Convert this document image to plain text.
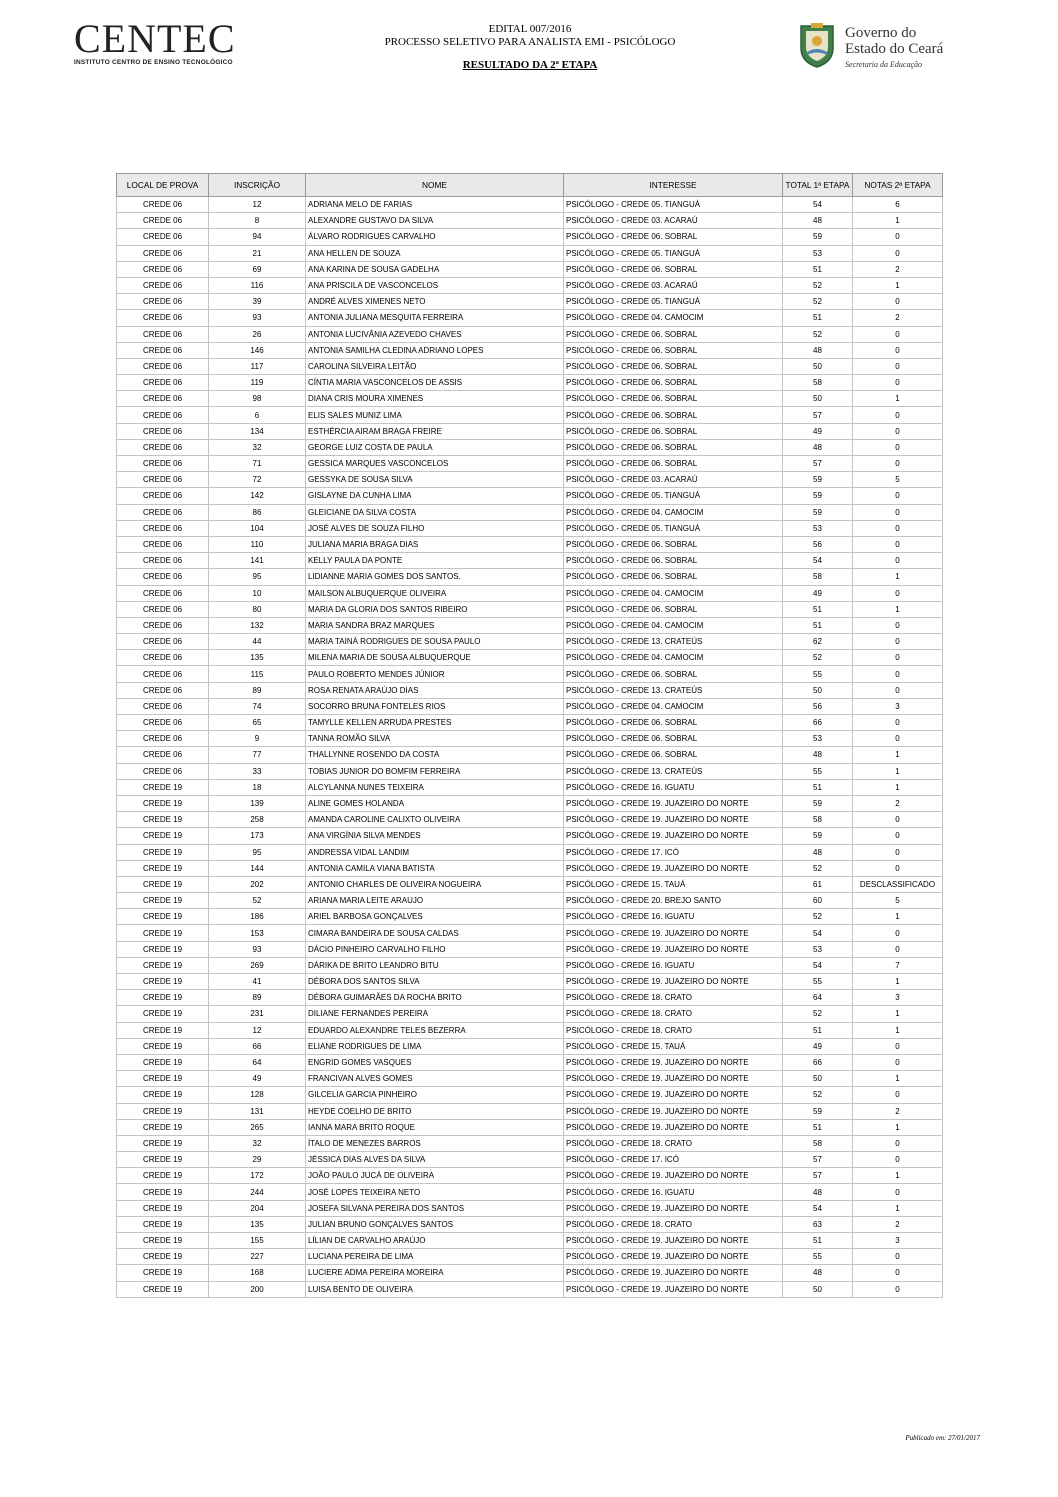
CENTEC
INSTITUTO CENTRO DE ENSINO TECNOLÓGICO
EDITAL 007/2016
PROCESSO SELETIVO PARA ANALISTA EMI - PSICÓLOGO
RESULTADO DA 2ª ETAPA
Governo do
Estado do Ceará
Secretaria da Educação
LOCAL DE PROVA	INSCRIÇÃO	NOME	INTERESSE	TOTAL 1ª ETAPA	NOTAS 2ª ETAPA
CREDE 06	12	ADRIANA MELO DE FARIAS	PSICÓLOGO - CREDE 05. TIANGUÁ	54	6
CREDE 06	8	ALEXANDRE GUSTAVO DA SILVA	PSICÓLOGO - CREDE 03. ACARAÚ	48	1
CREDE 06	94	ÁLVARO RODRIGUES CARVALHO	PSICÓLOGO - CREDE 06. SOBRAL	59	0
CREDE 06	21	ANA HELLEN DE SOUZA	PSICÓLOGO - CREDE 05. TIANGUÁ	53	0
CREDE 06	69	ANA KARINA DE SOUSA GADELHA	PSICÓLOGO - CREDE 06. SOBRAL	51	2
CREDE 06	116	ANA PRISCILA DE VASCONCELOS	PSICÓLOGO - CREDE 03. ACARAÚ	52	1
CREDE 06	39	ANDRÉ ALVES XIMENES NETO	PSICÓLOGO - CREDE 05. TIANGUÁ	52	0
CREDE 06	93	ANTONIA JULIANA MESQUITA FERREIRA	PSICÓLOGO - CREDE 04. CAMOCIM	51	2
CREDE 06	26	ANTONIA LUCIVÂNIA AZEVEDO CHAVES	PSICÓLOGO - CREDE 06. SOBRAL	52	0
CREDE 06	146	ANTONIA SAMILHA CLEDINA ADRIANO LOPES	PSICÓLOGO - CREDE 06. SOBRAL	48	0
CREDE 06	117	CAROLINA SILVEIRA LEITÃO	PSICÓLOGO - CREDE 06. SOBRAL	50	0
CREDE 06	119	CÍNTIA MARIA VASCONCELOS DE ASSIS	PSICÓLOGO - CREDE 06. SOBRAL	58	0
CREDE 06	98	DIANA CRIS MOURA XIMENES	PSICÓLOGO - CREDE 06. SOBRAL	50	1
CREDE 06	6	ELIS SALES MUNIZ LIMA	PSICÓLOGO - CREDE 06. SOBRAL	57	0
CREDE 06	134	ESTHÉRCIA AIRAM BRAGA FREIRE	PSICÓLOGO - CREDE 06. SOBRAL	49	0
CREDE 06	32	GEORGE LUIZ COSTA DE PAULA	PSICÓLOGO - CREDE 06. SOBRAL	48	0
CREDE 06	71	GESSICA MARQUES VASCONCELOS	PSICÓLOGO - CREDE 06. SOBRAL	57	0
CREDE 06	72	GESSYKA DE SOUSA SILVA	PSICÓLOGO - CREDE 03. ACARAÚ	59	5
CREDE 06	142	GISLAYNE DA CUNHA LIMA	PSICÓLOGO - CREDE 05. TIANGUÁ	59	0
CREDE 06	86	GLEICIANE DA SILVA COSTA	PSICÓLOGO - CREDE 04. CAMOCIM	59	0
CREDE 06	104	JOSÉ ALVES DE SOUZA FILHO	PSICÓLOGO - CREDE 05. TIANGUÁ	53	0
CREDE 06	110	JULIANA MARIA BRAGA DIAS	PSICÓLOGO - CREDE 06. SOBRAL	56	0
CREDE 06	141	KELLY PAULA DA PONTE	PSICÓLOGO - CREDE 06. SOBRAL	54	0
CREDE 06	95	LIDIANNE MARIA GOMES DOS SANTOS.	PSICÓLOGO - CREDE 06. SOBRAL	58	1
CREDE 06	10	MAILSON ALBUQUERQUE OLIVEIRA	PSICÓLOGO - CREDE 04. CAMOCIM	49	0
CREDE 06	80	MARIA DA GLORIA DOS SANTOS RIBEIRO	PSICÓLOGO - CREDE 06. SOBRAL	51	1
CREDE 06	132	MARIA SANDRA BRAZ MARQUES	PSICÓLOGO - CREDE 04. CAMOCIM	51	0
CREDE 06	44	MARIA TAINÁ RODRIGUES DE SOUSA PAULO	PSICÓLOGO - CREDE 13. CRATEÚS	62	0
CREDE 06	135	MILENA MARIA DE SOUSA ALBUQUERQUE	PSICÓLOGO - CREDE 04. CAMOCIM	52	0
CREDE 06	115	PAULO ROBERTO MENDES JÚNIOR	PSICÓLOGO - CREDE 06. SOBRAL	55	0
CREDE 06	89	ROSA RENATA ARAÚJO DIAS	PSICÓLOGO - CREDE 13. CRATEÚS	50	0
CREDE 06	74	SOCORRO BRUNA FONTELES RIOS	PSICÓLOGO - CREDE 04. CAMOCIM	56	3
CREDE 06	65	TAMYLLE KELLEN ARRUDA PRESTES	PSICÓLOGO - CREDE 06. SOBRAL	66	0
CREDE 06	9	TANNA ROMÃO SILVA	PSICÓLOGO - CREDE 06. SOBRAL	53	0
CREDE 06	77	THALLYNNE ROSENDO DA COSTA	PSICÓLOGO - CREDE 06. SOBRAL	48	1
CREDE 06	33	TOBIAS JUNIOR DO BOMFIM FERREIRA	PSICÓLOGO - CREDE 13. CRATEÚS	55	1
CREDE 19	18	ALCYLANNA NUNES TEIXEIRA	PSICÓLOGO - CREDE 16. IGUATU	51	1
CREDE 19	139	ALINE GOMES HOLANDA	PSICÓLOGO - CREDE 19. JUAZEIRO DO NORTE	59	2
CREDE 19	258	AMANDA CAROLINE CALIXTO OLIVEIRA	PSICÓLOGO - CREDE 19. JUAZEIRO DO NORTE	58	0
CREDE 19	173	ANA VIRGÍNIA SILVA MENDES	PSICÓLOGO - CREDE 19. JUAZEIRO DO NORTE	59	0
CREDE 19	95	ANDRESSA VIDAL LANDIM	PSICÓLOGO - CREDE 17. ICÓ	48	0
CREDE 19	144	ANTONIA CAMILA VIANA BATISTA	PSICÓLOGO - CREDE 19. JUAZEIRO DO NORTE	52	0
CREDE 19	202	ANTONIO CHARLES DE OLIVEIRA NOGUEIRA	PSICÓLOGO - CREDE 15. TAUÁ	61	DESCLASSIFICADO
CREDE 19	52	ARIANA MARIA LEITE ARAUJO	PSICÓLOGO - CREDE 20. BREJO SANTO	60	5
CREDE 19	186	ARIEL BARBOSA GONÇALVES	PSICÓLOGO - CREDE 16. IGUATU	52	1
CREDE 19	153	CIMARA BANDEIRA DE SOUSA CALDAS	PSICÓLOGO - CREDE 19. JUAZEIRO DO NORTE	54	0
CREDE 19	93	DÁCIO PINHEIRO CARVALHO FILHO	PSICÓLOGO - CREDE 19. JUAZEIRO DO NORTE	53	0
CREDE 19	269	DÁRIKA DE BRITO LEANDRO BITU	PSICÓLOGO - CREDE 16. IGUATU	54	7
CREDE 19	41	DÉBORA DOS SANTOS SILVA	PSICÓLOGO - CREDE 19. JUAZEIRO DO NORTE	55	1
CREDE 19	89	DÉBORA GUIMARÃES DA ROCHA BRITO	PSICÓLOGO - CREDE 18. CRATO	64	3
CREDE 19	231	DILIANE FERNANDES PEREIRA	PSICÓLOGO - CREDE 18. CRATO	52	1
CREDE 19	12	EDUARDO ALEXANDRE TELES BEZERRA	PSICÓLOGO - CREDE 18. CRATO	51	1
CREDE 19	66	ELIANE RODRIGUES DE LIMA	PSICÓLOGO - CREDE 15. TAUÁ	49	0
CREDE 19	64	ENGRID GOMES VASQUES	PSICÓLOGO - CREDE 19. JUAZEIRO DO NORTE	66	0
CREDE 19	49	FRANCIVAN ALVES GOMES	PSICÓLOGO - CREDE 19. JUAZEIRO DO NORTE	50	1
CREDE 19	128	GILCELIA GARCIA PINHEIRO	PSICÓLOGO - CREDE 19. JUAZEIRO DO NORTE	52	0
CREDE 19	131	HEYDE COELHO DE BRITO	PSICÓLOGO - CREDE 19. JUAZEIRO DO NORTE	59	2
CREDE 19	265	IANNA MARA BRITO ROQUE	PSICÓLOGO - CREDE 19. JUAZEIRO DO NORTE	51	1
CREDE 19	32	ÍTALO DE MENEZES BARROS	PSICÓLOGO - CREDE 18. CRATO	58	0
CREDE 19	29	JÉSSICA DIAS ALVES DA SILVA	PSICÓLOGO - CREDE 17. ICÓ	57	0
CREDE 19	172	JOÃO PAULO JUCÁ DE OLIVEIRA	PSICÓLOGO - CREDE 19. JUAZEIRO DO NORTE	57	1
CREDE 19	244	JOSÉ LOPES TEIXEIRA NETO	PSICÓLOGO - CREDE 16. IGUATU	48	0
CREDE 19	204	JOSEFA SILVANA PEREIRA DOS SANTOS	PSICÓLOGO - CREDE 19. JUAZEIRO DO NORTE	54	1
CREDE 19	135	JULIAN BRUNO GONÇALVES SANTOS	PSICÓLOGO - CREDE 18. CRATO	63	2
CREDE 19	155	LÍLIAN DE CARVALHO ARAÚJO	PSICÓLOGO - CREDE 19. JUAZEIRO DO NORTE	51	3
CREDE 19	227	LUCIANA PEREIRA DE LIMA	PSICÓLOGO - CREDE 19. JUAZEIRO DO NORTE	55	0
CREDE 19	168	LUCIERE ADMA PEREIRA MOREIRA	PSICÓLOGO - CREDE 19. JUAZEIRO DO NORTE	48	0
CREDE 19	200	LUISA BENTO DE OLIVEIRA	PSICÓLOGO - CREDE 19. JUAZEIRO DO NORTE	50	0
Publicado em: 27/01/2017
